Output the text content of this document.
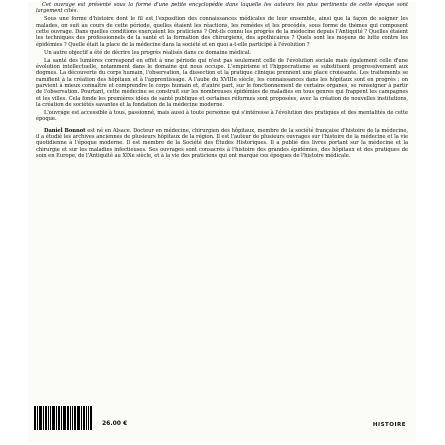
Cet ouvrage est présenté sous la forme d'une petite encyclopédie dans laquelle les auteurs les plus pertinents de cette époque sont largement cités.

Sous une forme d'histoire dont le fil est l'exposition des connaissances médicales de leur ensemble, ainsi que la façon de soigner les malades, on suit au cours de cette période, quelles étaient les réactions, les remèdes et les procédés, sous forme de thèmes qui composent cette ouvrage. Dans quelles conditions exerçaient les praticiens ? Ont-ils connu les progrès de la médecine depuis l'Antiquité ? Quelles étaient les techniques des professionnels de la santé et la formation des chirurgiens, des apothicaires ? Quels sont les moyens de lutte contre les épidémies ? Quelle était la place de la médecine dans la société et en quoi a-t-elle participé à l'évolution ?

Un autre objectif a été de décrire les progrès réalisés dans ce domaine médical.

La santé des lumières correspond en effet à une période qui n'est pas seulement celle de l'évolution sociale mais également celle d'une évolution intellectuelle, notamment dans le domaine qui nous occupe. L'empirisme et l'hippocratisme se substituent progressivement aux dogmes. La découverte du corps humain, l'observation, la dissection et la pratique clinique prennent une place croissante. Les traitements se ramifient à la création des hôpitaux et à l'apprentissage. A l'aube du XVIIIe siècle, les connaissances dans les hôpitaux sont en progrès ; on parvient à mieux connaître et comprendre le corps humain et, d'autre part, sur le fonctionnement de certains organes, se renseigner à partir de l'observation. Pourtant, cette médecine se construit sur les nombreuses épidémies de maladies en tous genres qui frappent les campagnes et les villes. Cela fonde les premières idées de santé publique et certaines réformes sont proposées, avec la création de nouvelles institutions, la création de sociétés savantes et la fondation de la médecine moderne.

L'ouvrage est accessible à tous, passionné, mais aussi à toute personne qui s'intéresse à l'évolution des pratiques et des mentalités de cette époque.

Daniel Bonnot est né en Alsace. Docteur en médecine, chirurgien des hôpitaux, membre de la société française d'histoire de la médecine, il a étudié les archives anciennes de plusieurs hôpitaux de la région. Il est l'auteur de plusieurs ouvrages sur l'histoire de la médecine et la vie quotidienne à l'époque moderne. Il est membre de la Société des Études Historiques. Il a publié des livres portant sur la médecine et la chirurgie et sur les maladies infectieuses. Ses ouvrages sont consacrés à l'histoire des grandes épidémies, des hôpitaux et des pratiques de soin en Europe, de l'Antiquité au XIXe siècle, et à la vie des praticiens qui ont marqué ces époques de l'histoire médicale.

26.00 €	HISTOIRE
